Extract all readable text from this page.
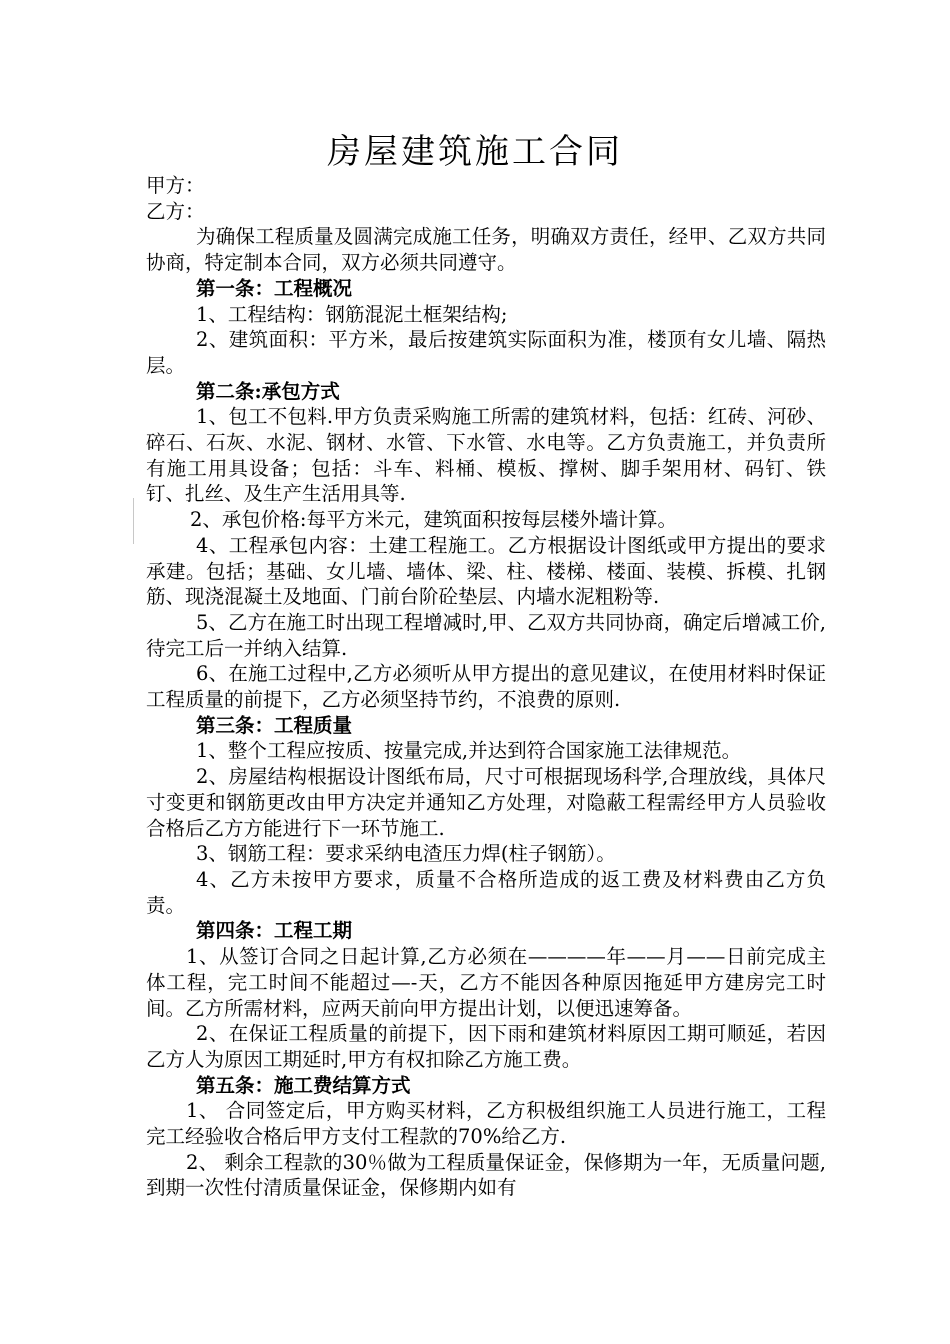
房屋建筑施工合同

甲方：

乙方：

为确保工程质量及圆满完成施工任务，明确双方责任，经甲、乙双方共同协商，特定制本合同，双方必须共同遵守。

第一条：工程概况

1、工程结构：钢筋混泥土框架结构;

2、建筑面积：平方米，最后按建筑实际面积为准，楼顶有女儿墙、隔热层。

第二条:承包方式

1、包工不包料.甲方负责采购施工所需的建筑材料，包括：红砖、河砂、碎石、石灰、水泥、钢材、水管、下水管、水电等。乙方负责施工，并负责所有施工用具设备；包括：斗车、料桶、模板、撑树、脚手架用材、码钉、铁钉、扎丝、及生产生活用具等.

2、承包价格:每平方米元，建筑面积按每层楼外墙计算。

4、工程承包内容：土建工程施工。乙方根据设计图纸或甲方提出的要求承建。包括；基础、女儿墙、墙体、梁、柱、楼梯、楼面、装模、拆模、扎钢筋、现浇混凝土及地面、门前台阶砼垫层、内墙水泥粗粉等.

5、乙方在施工时出现工程增减时,甲、乙双方共同协商，确定后增减工价,待完工后一并纳入结算.

6、在施工过程中,乙方必须听从甲方提出的意见建议，在使用材料时保证工程质量的前提下，乙方必须坚持节约，不浪费的原则.

第三条：工程质量

1、整个工程应按质、按量完成,并达到符合国家施工法律规范。

2、房屋结构根据设计图纸布局，尺寸可根据现场科学,合理放线，具体尺寸变更和钢筋更改由甲方决定并通知乙方处理，对隐蔽工程需经甲方人员验收合格后乙方方能进行下一环节施工.

3、钢筋工程：要求采纳电渣压力焊(柱子钢筋）。

4、乙方未按甲方要求，质量不合格所造成的返工费及材料费由乙方负责。

第四条：工程工期

1、从签订合同之日起计算,乙方必须在————年——月——日前完成主体工程，完工时间不能超过—-天，乙方不能因各种原因拖延甲方建房完工时间。乙方所需材料，应两天前向甲方提出计划，以便迅速筹备。

2、在保证工程质量的前提下，因下雨和建筑材料原因工期可顺延，若因乙方人为原因工期延时,甲方有权扣除乙方施工费。

第五条：施工费结算方式

1、 合同签定后，甲方购买材料，乙方积极组织施工人员进行施工，工程完工经验收合格后甲方支付工程款的70%给乙方.

2、 剩余工程款的30％做为工程质量保证金，保修期为一年，无质量问题,到期一次性付清质量保证金，保修期内如有
